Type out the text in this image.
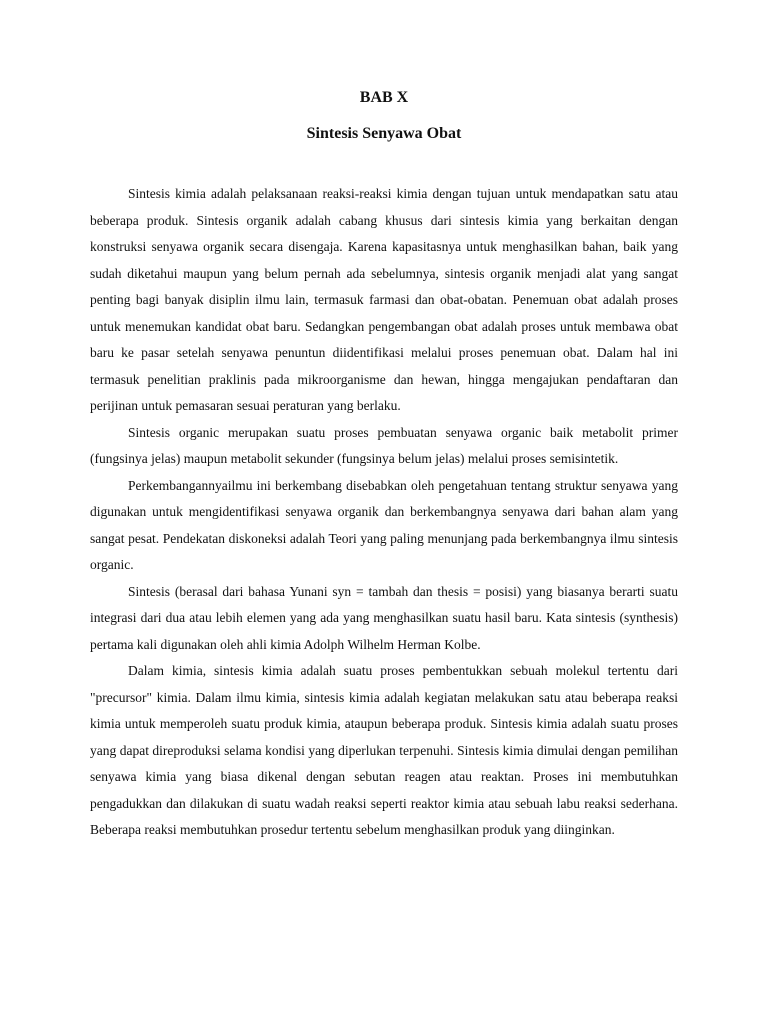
BAB X
Sintesis Senyawa Obat

Sintesis kimia adalah pelaksanaan reaksi-reaksi kimia dengan tujuan untuk mendapatkan satu atau beberapa produk. Sintesis organik adalah cabang khusus dari sintesis kimia yang berkaitan dengan konstruksi senyawa organik secara disengaja. Karena kapasitasnya untuk menghasilkan bahan, baik yang sudah diketahui maupun yang belum pernah ada sebelumnya, sintesis organik menjadi alat yang sangat penting bagi banyak disiplin ilmu lain, termasuk farmasi dan obat-obatan. Penemuan obat adalah proses untuk menemukan kandidat obat baru. Sedangkan pengembangan obat adalah proses untuk membawa obat baru ke pasar setelah senyawa penuntun diidentifikasi melalui proses penemuan obat. Dalam hal ini termasuk penelitian praklinis pada mikroorganisme dan hewan, hingga mengajukan pendaftaran dan perijinan untuk pemasaran sesuai peraturan yang berlaku.

Sintesis organic merupakan suatu proses pembuatan senyawa organic baik metabolit primer (fungsinya jelas) maupun metabolit sekunder (fungsinya belum jelas) melalui proses semisintetik.

Perkembangannyailmu ini berkembang disebabkan oleh pengetahuan tentang struktur senyawa yang digunakan untuk mengidentifikasi senyawa organik dan berkembangnya senyawa dari bahan alam yang sangat pesat. Pendekatan diskoneksi adalah Teori yang paling menunjang pada berkembangnya ilmu sintesis organic.

Sintesis (berasal dari bahasa Yunani syn = tambah dan thesis = posisi) yang biasanya berarti suatu integrasi dari dua atau lebih elemen yang ada yang menghasilkan suatu hasil baru. Kata sintesis (synthesis) pertama kali digunakan oleh ahli kimia Adolph Wilhelm Herman Kolbe.

Dalam kimia, sintesis kimia adalah suatu proses pembentukkan sebuah molekul tertentu dari "precursor" kimia. Dalam ilmu kimia, sintesis kimia adalah kegiatan melakukan satu atau beberapa reaksi kimia untuk memperoleh suatu produk kimia, ataupun beberapa produk. Sintesis kimia adalah suatu proses yang dapat direproduksi selama kondisi yang diperlukan terpenuhi. Sintesis kimia dimulai dengan pemilihan senyawa kimia yang biasa dikenal dengan sebutan reagen atau reaktan. Proses ini membutuhkan pengadukkan dan dilakukan di suatu wadah reaksi seperti reaktor kimia atau sebuah labu reaksi sederhana. Beberapa reaksi membutuhkan prosedur tertentu sebelum menghasilkan produk yang diinginkan.
